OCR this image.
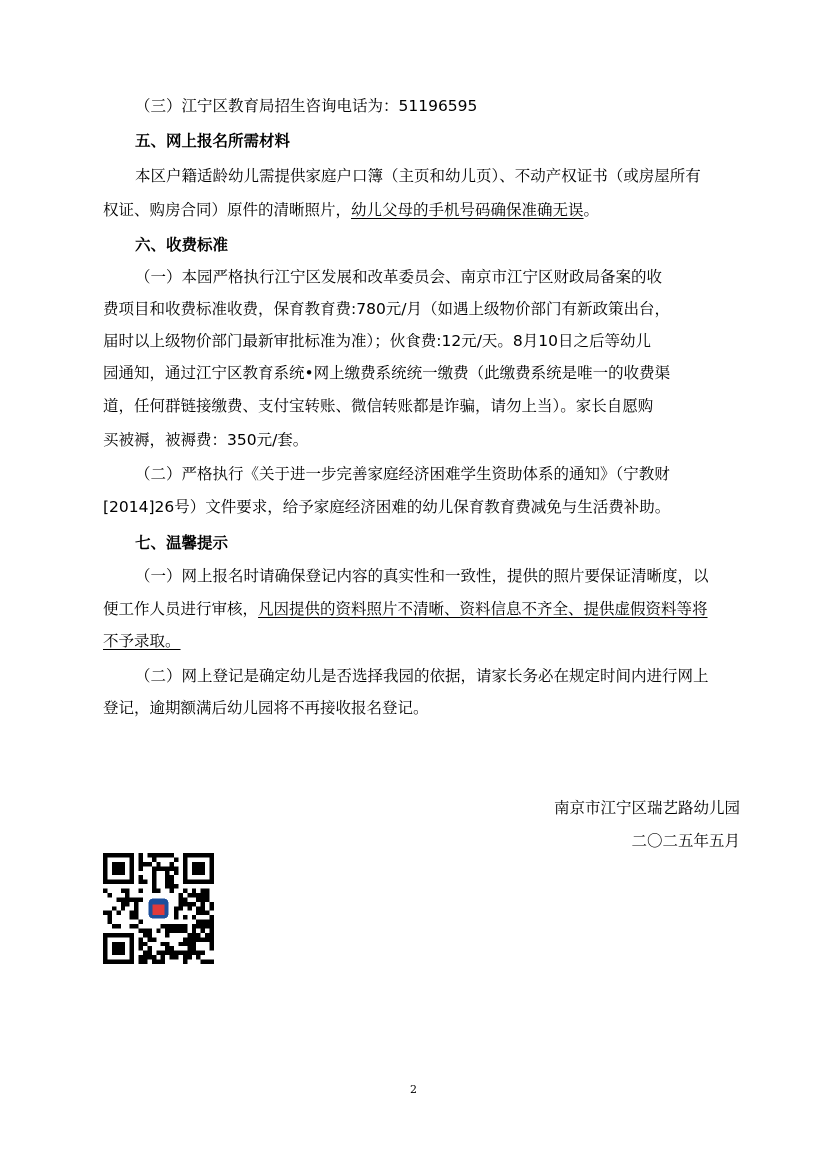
（三）江宁区教育局招生咨询电话为：51196595
五、网上报名所需材料
本区户籍适龄幼儿需提供家庭户口簿（主页和幼儿页）、不动产权证书（或房屋所有
权证、购房合同）原件的清晰照片，幼儿父母的手机号码确保准确无误。
六、收费标准
（一）本园严格执行江宁区发展和改革委员会、南京市江宁区财政局备案的收
费项目和收费标准收费，保育教育费:780元/月（如遇上级物价部门有新政策出台，
届时以上级物价部门最新审批标准为准）；伙食费:12元/天。8月10日之后等幼儿
园通知，通过江宁区教育系统•网上缴费系统统一缴费（此缴费系统是唯一的收费渠
道，任何群链接缴费、支付宝转账、微信转账都是诈骗，请勿上当）。家长自愿购
买被褥，被褥费：350元/套。
（二）严格执行《关于进一步完善家庭经济困难学生资助体系的通知》（宁教财
[2014]26号）文件要求，给予家庭经济困难的幼儿保育教育费减免与生活费补助。
七、温馨提示
（一）网上报名时请确保登记内容的真实性和一致性，提供的照片要保证清晰度，以
便工作人员进行审核，凡因提供的资料照片不清晰、资料信息不齐全、提供虚假资料等将
不予录取。
（二）网上登记是确定幼儿是否选择我园的依据，请家长务必在规定时间内进行网上
登记，逾期额满后幼儿园将不再接收报名登记。
南京市江宁区瑞艺路幼儿园
二〇二五年五月
2
